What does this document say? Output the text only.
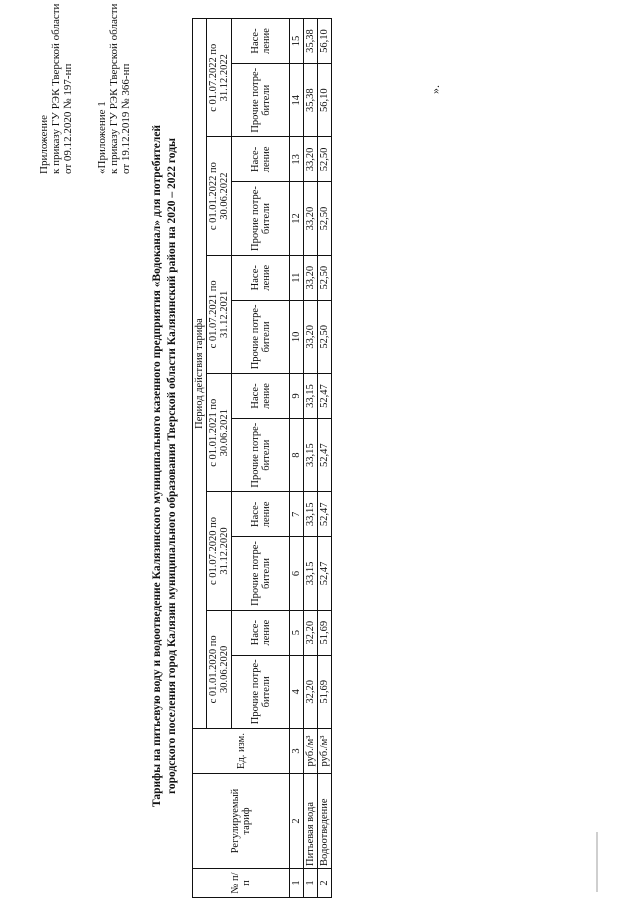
Приложение к приказу ГУ РЭК Тверской области от 09.12.2020 № 197-нп «Приложение 1 к приказу ГУ РЭК Тверской области от 19.12.2019 № 366-нп
Тарифы на питьевую воду и водоотведение Калязинского муниципального казенного предприятия «Водоканал» для потребителей городского поселения город Калязин муниципального образования Тверской области Калязинский район на 2020 – 2022 годы
№ п/п	Регулируемый тариф	Ед. изм.	Период действия тарифа											
			с 01.01.2020 по 30.06.2020		с 01.07.2020 по 31.12.2020		с 01.01.2021 по 30.06.2021		с 01.07.2021 по 31.12.2021		с 01.01.2022 по 30.06.2022		с 01.07.2022 по 31.12.2022	
			Прочие потре-бители	Насе-ление	Прочие потре-бители	Насе-ление	Прочие потре-бители	Насе-ление	Прочие потре-бители	Насе-ление	Прочие потре-бители	Насе-ление	Прочие потре-бители	Насе-ление
1	2	3	4	5	6	7	8	9	10	11	12	13	14	15
1	Питьевая вода	руб./м³	32,20	32,20	33,15	33,15	33,15	33,15	33,20	33,20	33,20	33,20	35,38	35,38
2	Водоотведение	руб./м³	51,69	51,69	52,47	52,47	52,47	52,47	52,50	52,50	52,50	52,50	56,10	56,10
».
